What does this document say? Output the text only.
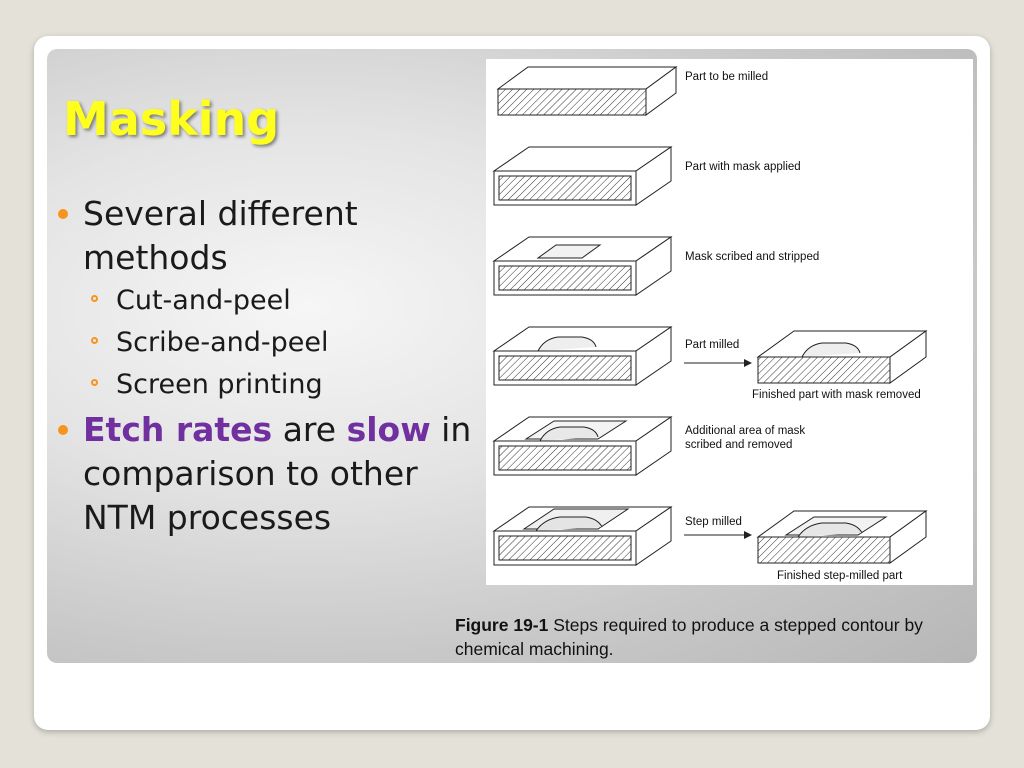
Masking
Several different methods
Cut-and-peel
Scribe-and-peel
Screen printing
Etch rates are slow in comparison to other NTM processes
Part to be milled
Part with mask applied
Mask scribed and stripped
Part milled
Finished part with mask removed
Additional area of mask
scribed and removed
Step milled
Finished step-milled part
Figure 19-1 Steps required to produce a stepped contour by chemical machining.
